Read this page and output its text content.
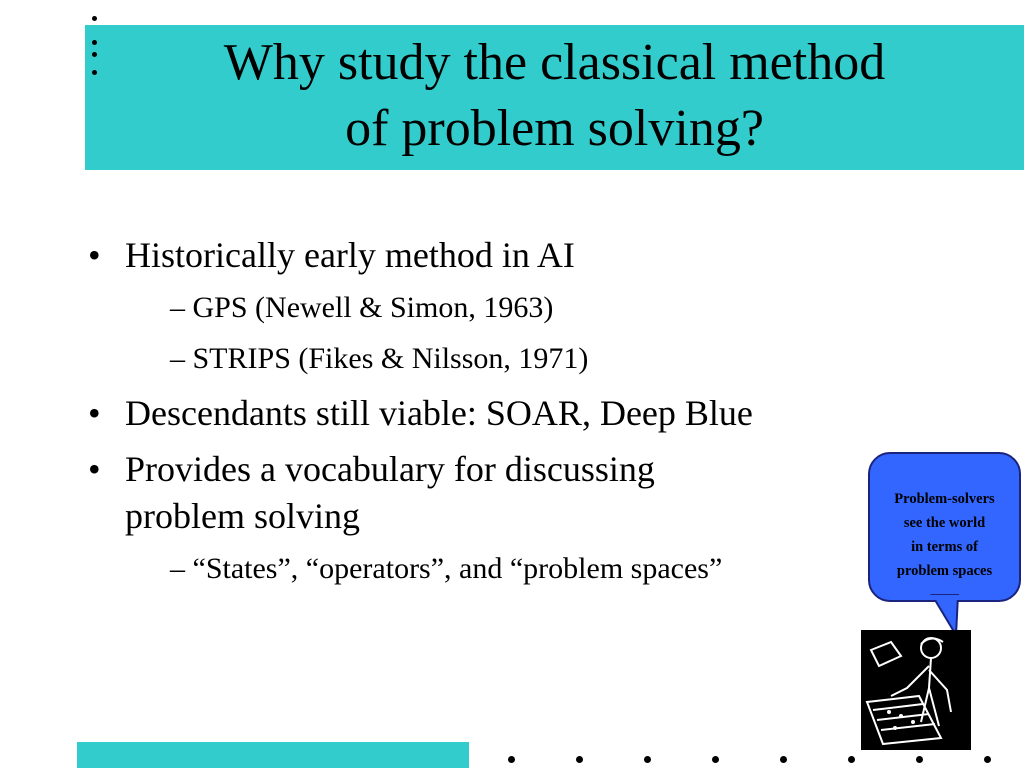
Why study the classical method
of problem solving?
• Historically early method in AI
– GPS (Newell & Simon, 1963)
– STRIPS (Fikes & Nilsson, 1971)
• Descendants still viable: SOAR, Deep Blue
• Provides a vocabulary for discussing
problem solving
– “States”, “operators”, and “problem spaces”
Problem-solvers
see the world
in terms of
problem spaces
